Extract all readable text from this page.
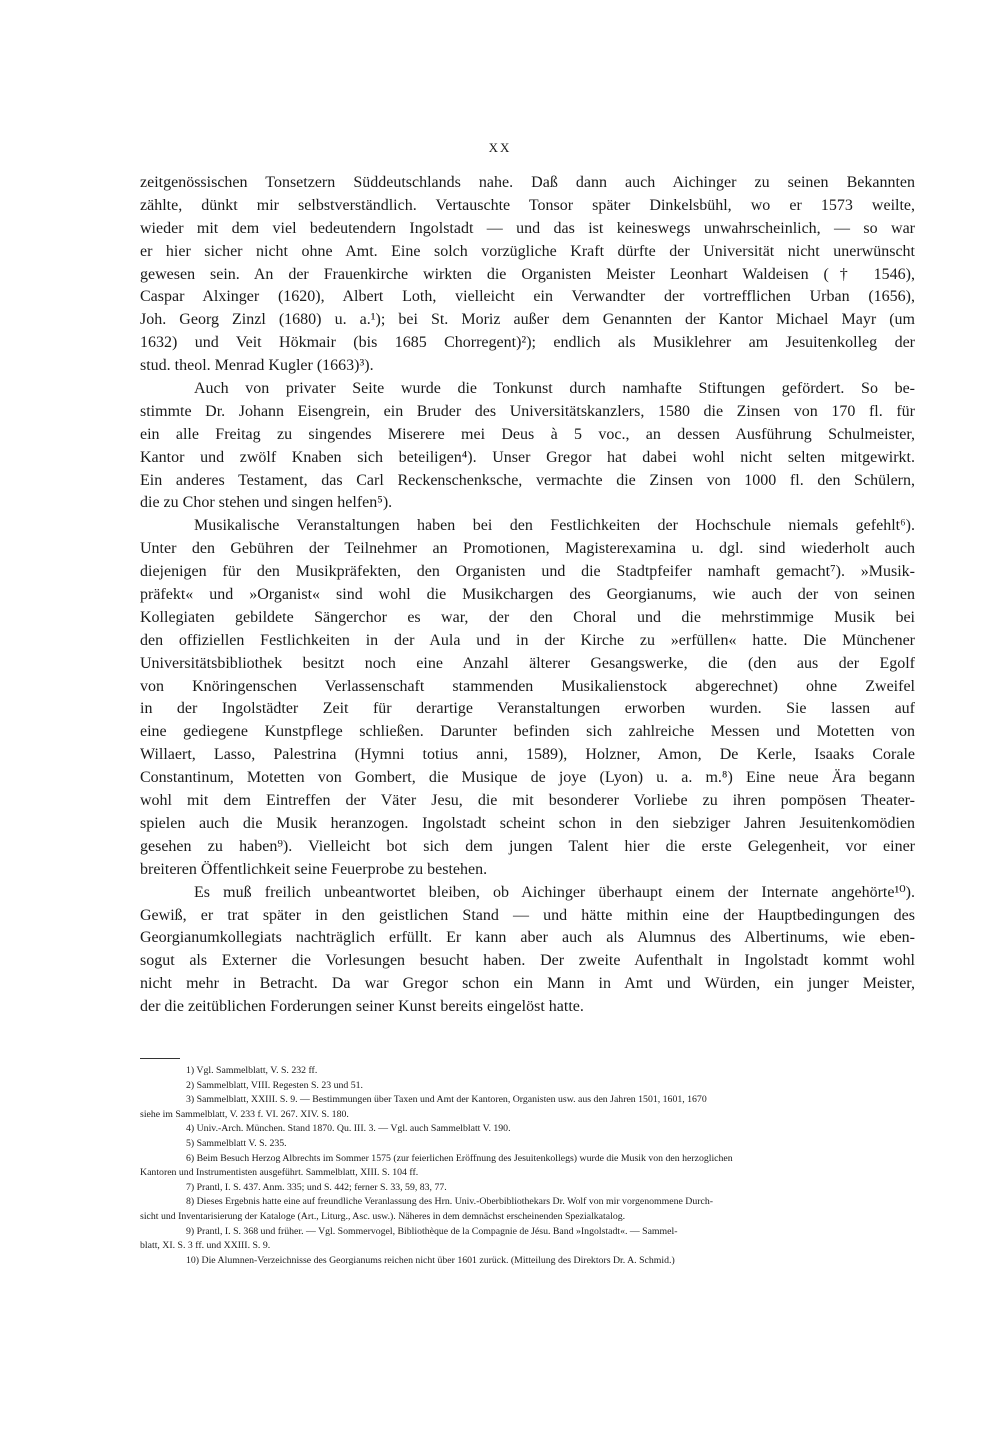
XX
zeitgenössischen Tonsetzern Süddeutschlands nahe. Daß dann auch Aichinger zu seinen Bekannten
zählte, dünkt mir selbstverständlich. Vertauschte Tonsor später Dinkelsbühl, wo er 1573 weilte,
wieder mit dem viel bedeutendern Ingolstadt — und das ist keineswegs unwahrscheinlich, — so war
er hier sicher nicht ohne Amt. Eine solch vorzügliche Kraft dürfte der Universität nicht unerwünscht
gewesen sein. An der Frauenkirche wirkten die Organisten Meister Leonhart Waldeisen († 1546),
Caspar Alxinger (1620), Albert Loth, vielleicht ein Verwandter der vortrefflichen Urban (1656),
Joh. Georg Zinzl (1680) u. a.¹); bei St. Moriz außer dem Genannten der Kantor Michael Mayr (um
1632) und Veit Hökmair (bis 1685 Chorregent)²); endlich als Musiklehrer am Jesuitenkolleg der
stud. theol. Menrad Kugler (1663)³).
Auch von privater Seite wurde die Tonkunst durch namhafte Stiftungen gefördert. So be-
stimmte Dr. Johann Eisengrein, ein Bruder des Universitätskanzlers, 1580 die Zinsen von 170 fl. für
ein alle Freitag zu singendes Miserere mei Deus à 5 voc., an dessen Ausführung Schulmeister,
Kantor und zwölf Knaben sich beteiligen⁴). Unser Gregor hat dabei wohl nicht selten mitgewirkt.
Ein anderes Testament, das Carl Reckenschenksche, vermachte die Zinsen von 1000 fl. den Schülern,
die zu Chor stehen und singen helfen⁵).
Musikalische Veranstaltungen haben bei den Festlichkeiten der Hochschule niemals gefehlt⁶).
Unter den Gebühren der Teilnehmer an Promotionen, Magisterexamina u. dgl. sind wiederholt auch
diejenigen für den Musikpräfekten, den Organisten und die Stadtpfeifer namhaft gemacht⁷). »Musik-
präfekt« und »Organist« sind wohl die Musikchargen des Georgianums, wie auch der von seinen
Kollegiaten gebildete Sängerchor es war, der den Choral und die mehrstimmige Musik bei
den offiziellen Festlichkeiten in der Aula und in der Kirche zu »erfüllen« hatte. Die Münchener
Universitätsbibliothek besitzt noch eine Anzahl älterer Gesangswerke, die (den aus der Egolf
von Knöringenschen Verlassenschaft stammenden Musikalienstock abgerechnet) ohne Zweifel
in der Ingolstädter Zeit für derartige Veranstaltungen erworben wurden. Sie lassen auf
eine gediegene Kunstpflege schließen. Darunter befinden sich zahlreiche Messen und Motetten von
Willaert, Lasso, Palestrina (Hymni totius anni, 1589), Holzner, Amon, De Kerle, Isaaks Corale
Constantinum, Motetten von Gombert, die Musique de joye (Lyon) u. a. m.⁸) Eine neue Ära begann
wohl mit dem Eintreffen der Väter Jesu, die mit besonderer Vorliebe zu ihren pompösen Theater-
spielen auch die Musik heranzogen. Ingolstadt scheint schon in den siebziger Jahren Jesuitenkomödien
gesehen zu haben⁹). Vielleicht bot sich dem jungen Talent hier die erste Gelegenheit, vor einer
breiteren Öffentlichkeit seine Feuerprobe zu bestehen.
Es muß freilich unbeantwortet bleiben, ob Aichinger überhaupt einem der Internate angehörte¹⁰).
Gewiß, er trat später in den geistlichen Stand — und hätte mithin eine der Hauptbedingungen des
Georgianumkollegiats nachträglich erfüllt. Er kann aber auch als Alumnus des Albertinums, wie eben-
sogut als Externer die Vorlesungen besucht haben. Der zweite Aufenthalt in Ingolstadt kommt wohl
nicht mehr in Betracht. Da war Gregor schon ein Mann in Amt und Würden, ein junger Meister,
der die zeitüblichen Forderungen seiner Kunst bereits eingelöst hatte.
1) Vgl. Sammelblatt, V. S. 232 ff.
2) Sammelblatt, VIII. Regesten S. 23 und 51.
3) Sammelblatt, XXIII. S. 9. — Bestimmungen über Taxen und Amt der Kantoren, Organisten usw. aus den Jahren 1501, 1601, 1670
siehe im Sammelblatt, V. 233 f. VI. 267. XIV. S. 180.
4) Univ.-Arch. München. Stand 1870. Qu. III. 3. — Vgl. auch Sammelblatt V. 190.
5) Sammelblatt V. S. 235.
6) Beim Besuch Herzog Albrechts im Sommer 1575 (zur feierlichen Eröffnung des Jesuitenkollegs) wurde die Musik von den herzoglichen
Kantoren und Instrumentisten ausgeführt. Sammelblatt, XIII. S. 104 ff.
7) Prantl, I. S. 437. Anm. 335; und S. 442; ferner S. 33, 59, 83, 77.
8) Dieses Ergebnis hatte eine auf freundliche Veranlassung des Hrn. Univ.-Oberbibliothekars Dr. Wolf von mir vorgenommene Durch-
sicht und Inventarisierung der Kataloge (Art., Liturg., Asc. usw.). Näheres in dem demnächst erscheinenden Spezialkatalog.
9) Prantl, I. S. 368 und früher. — Vgl. Sommervogel, Bibliothèque de la Compagnie de Jésu. Band »Ingolstadt«. — Sammel-
blatt, XI. S. 3 ff. und XXIII. S. 9.
10) Die Alumnen-Verzeichnisse des Georgianums reichen nicht über 1601 zurück. (Mitteilung des Direktors Dr. A. Schmid.)
